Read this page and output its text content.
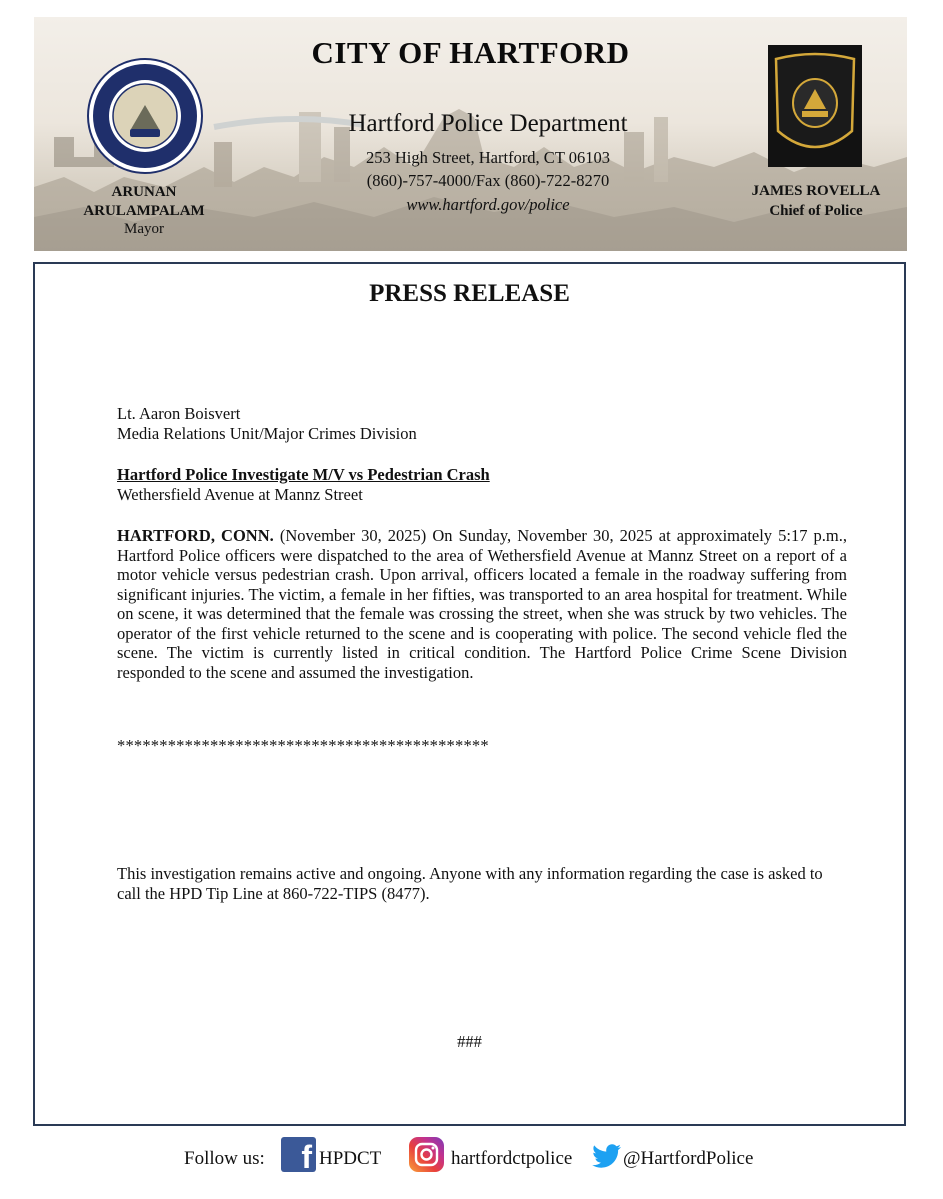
CITY OF HARTFORD
Hartford Police Department
253 High Street, Hartford, CT 06103
(860)-757-4000/Fax (860)-722-8270
www.hartford.gov/police
ARUNAN
ARULAMPALAM
Mayor
JAMES ROVELLA
Chief of Police
PRESS RELEASE
Lt. Aaron Boisvert
Media Relations Unit/Major Crimes Division
Hartford Police Investigate M/V vs Pedestrian Crash
Wethersfield Avenue at Mannz Street
HARTFORD, CONN. (November 30, 2025) On Sunday, November 30, 2025 at approximately 5:17 p.m., Hartford Police officers were dispatched to the area of Wethersfield Avenue at Mannz Street on a report of a motor vehicle versus pedestrian crash. Upon arrival, officers located a female in the roadway suffering from significant injuries. The victim, a female in her fifties, was transported to an area hospital for treatment. While on scene, it was determined that the female was crossing the street, when she was struck by two vehicles. The operator of the first vehicle returned to the scene and is cooperating with police. The second vehicle fled the scene. The victim is currently listed in critical condition. The Hartford Police Crime Scene Division responded to the scene and assumed the investigation.
********************************************
This investigation remains active and ongoing. Anyone with any information regarding the case is asked to call the HPD Tip Line at 860-722-TIPS (8477).
###
Follow us: f HPDCT	hartfordctpolice	@HartfordPolice
